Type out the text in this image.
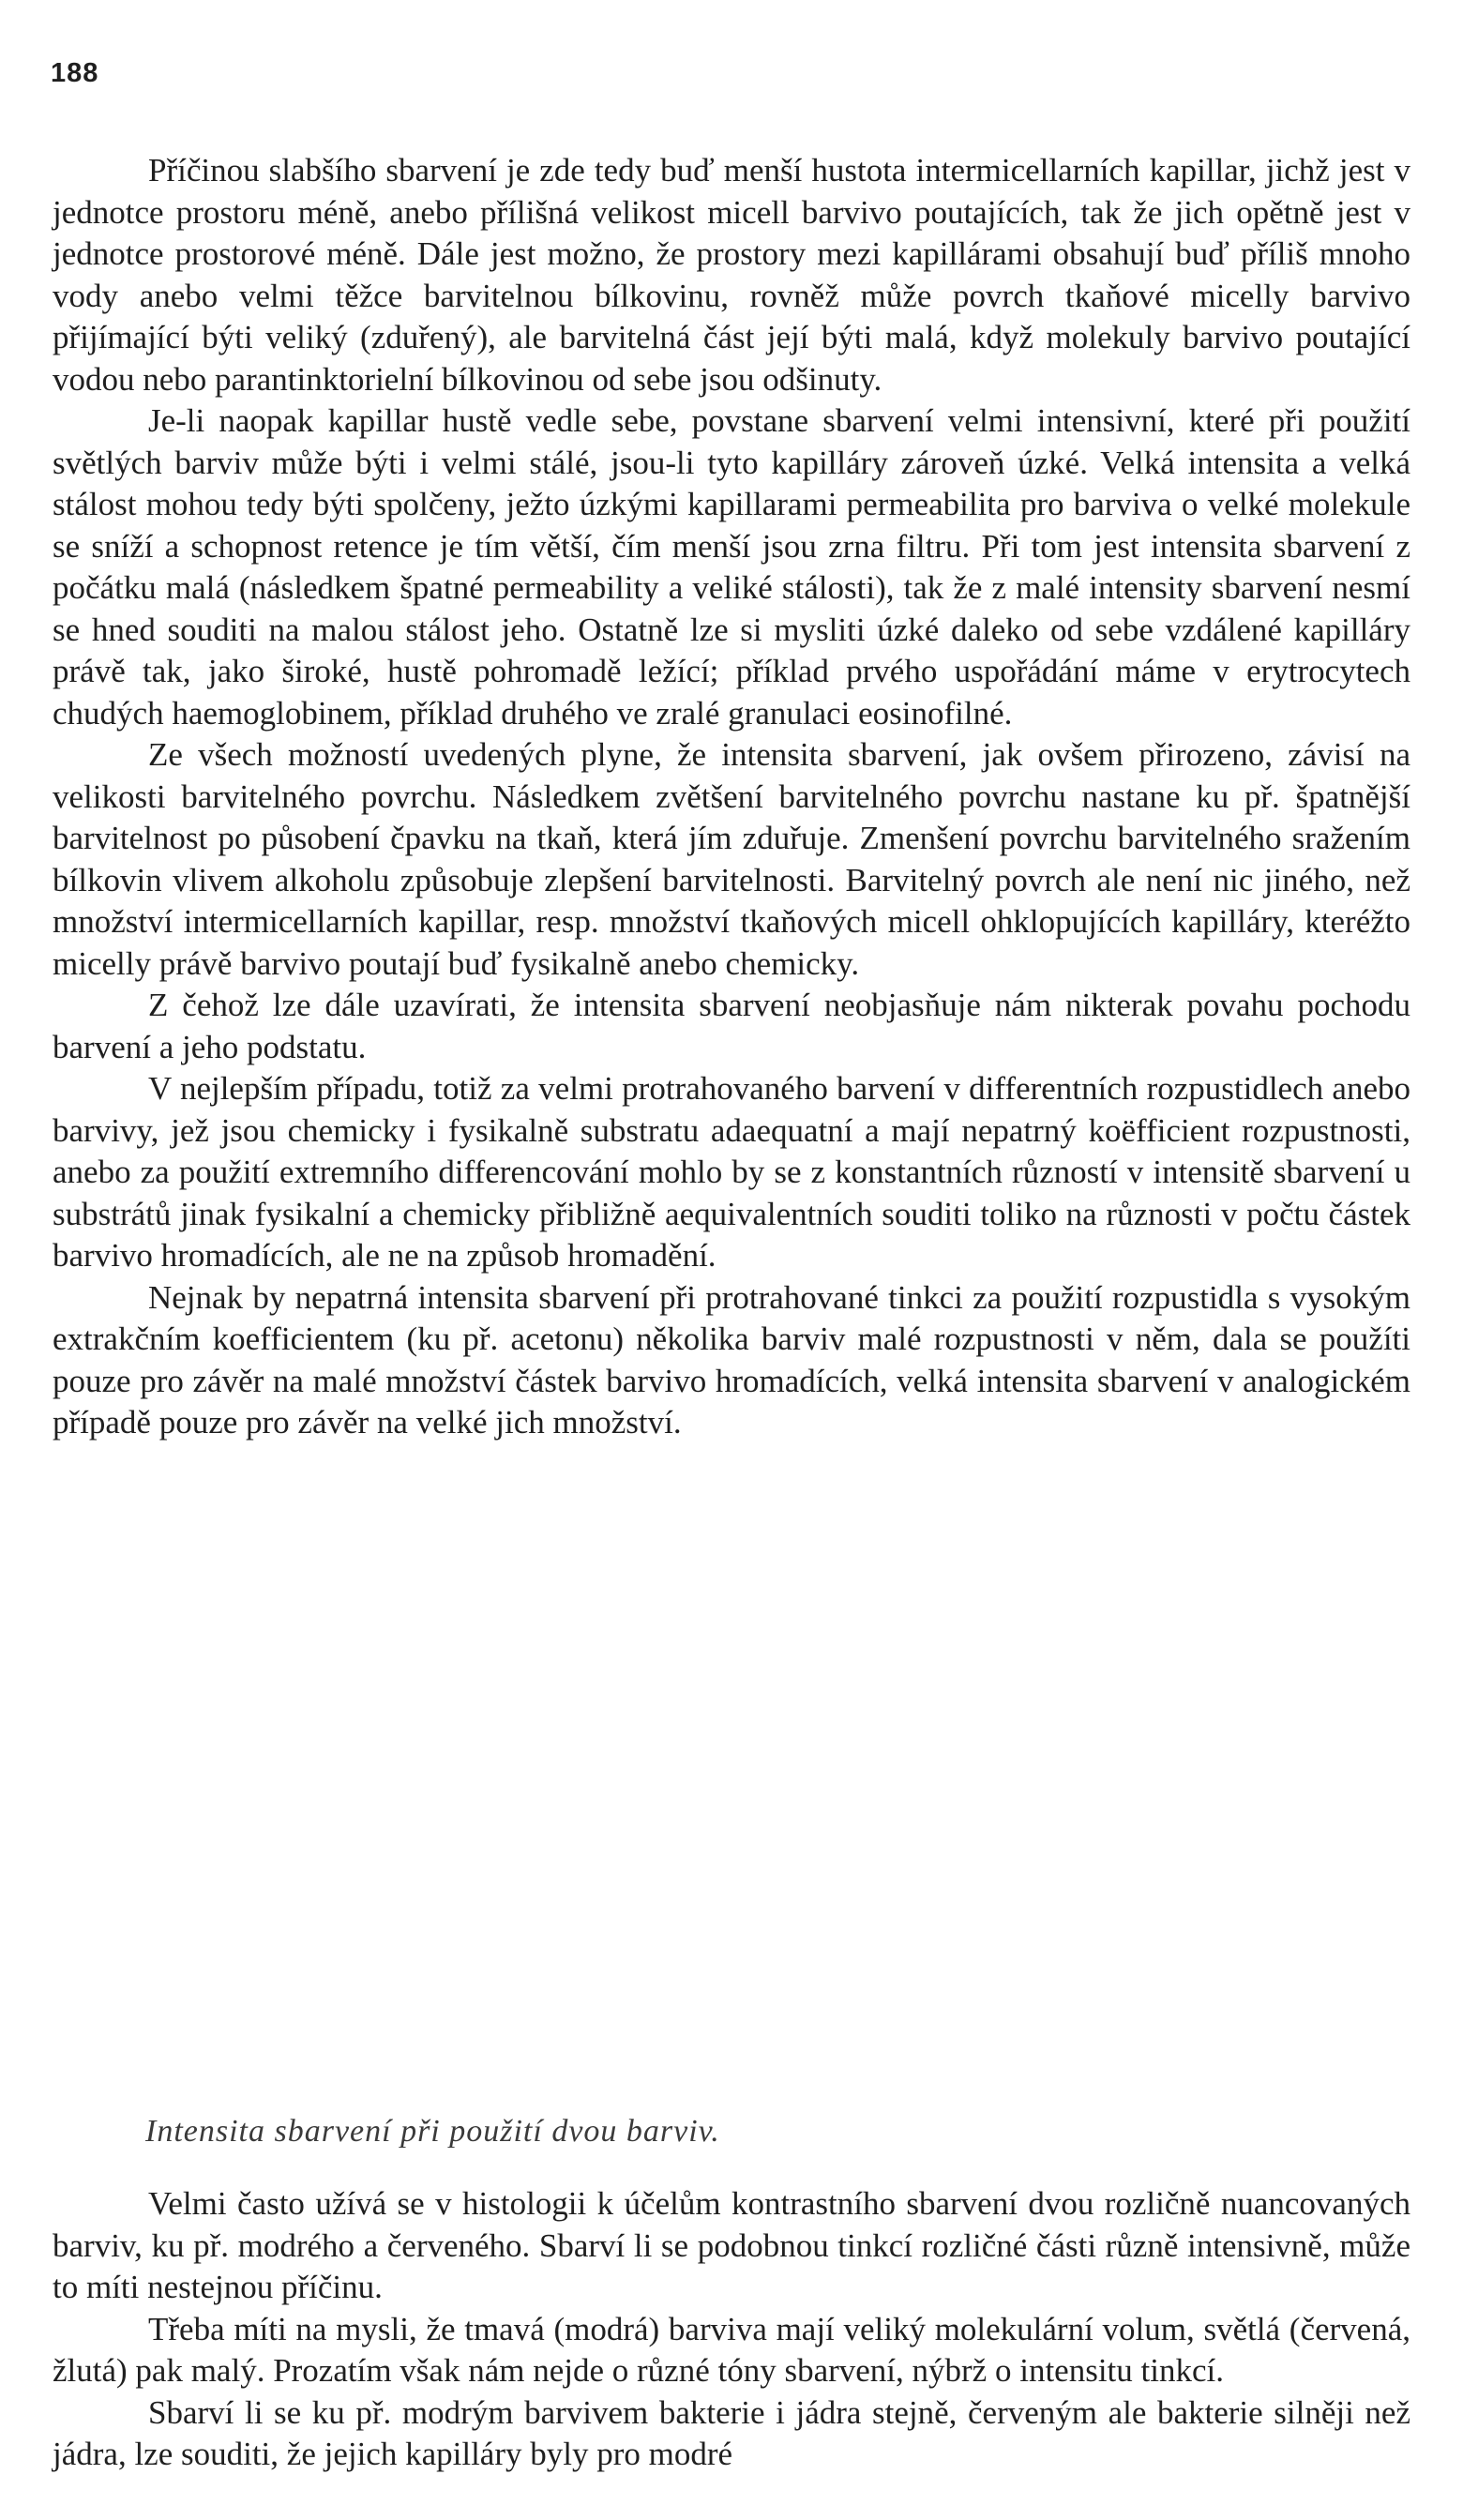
188

Příčinou slabšího sbarvení je zde tedy buď menší hustota intermicellarních kapillar, jichž jest v jednotce prostoru méně, anebo přílišná velikost micell barvivo poutajících, tak že jich opětně jest v jednotce prostorové méně. Dále jest možno, že prostory mezi kapillárami obsahují buď příliš mnoho vody anebo velmi těžce barvitelnou bílkovinu, rovněž může povrch tkaňové micelly barvivo přijímající býti veliký (zduřený), ale barvitelná část její býti malá, když molekuly barvivo poutající vodou nebo parantinktorielní bílkovinou od sebe jsou odšinuty.

Je-li naopak kapillar hustě vedle sebe, povstane sbarvení velmi intensivní, které při použití světlých barviv může býti i velmi stálé, jsou-li tyto kapilláry zároveň úzké. Velká intensita a velká stálost mohou tedy býti spolčeny, ježto úzkými kapillarami permeabilita pro barviva o velké molekule se sníží a schopnost retence je tím větší, čím menší jsou zrna filtru. Při tom jest intensita sbarvení z počátku malá (následkem špatné permeability a veliké stálosti), tak že z malé intensity sbarvení nesmí se hned souditi na malou stálost jeho. Ostatně lze si mysliti úzké daleko od sebe vzdálené kapilláry právě tak, jako široké, hustě pohromadě ležící; příklad prvého uspořádání máme v erytrocytech chudých haemoglobinem, příklad druhého ve zralé granulaci eosinofilné.

Ze všech možností uvedených plyne, že intensita sbarvení, jak ovšem přirozeno, závisí na velikosti barvitelného povrchu. Následkem zvětšení barvitelného povrchu nastane ku př. špatnější barvitelnost po působení čpavku na tkaň, která jím zduřuje. Zmenšení povrchu barvitelného sražením bílkovin vlivem alkoholu způsobuje zlepšení barvitelnosti. Barvitelný povrch ale není nic jiného, než množství intermicellarních kapillar, resp. množství tkaňových micell ohklopujících kapilláry, kteréžto micelly právě barvivo poutají buď fysikalně anebo chemicky.

Z čehož lze dále uzavírati, že intensita sbarvení neobjasňuje nám nikterak povahu pochodu barvení a jeho podstatu.

V nejlepším případu, totiž za velmi protrahovaného barvení v differentních rozpustidlech anebo barvivy, jež jsou chemicky i fysikalně substratu adaequatní a mají nepatrný koëfficient rozpustnosti, anebo za použití extremního differencování mohlo by se z konstantních růzností v intensitě sbarvení u substrátů jinak fysikalní a chemicky přibližně aequivalentních souditi toliko na různosti v počtu částek barvivo hromadících, ale ne na způsob hromadění.

Nejnak by nepatrná intensita sbarvení při protrahované tinkci za použití rozpustidla s vysokým extrakčním koefficientem (ku př. acetonu) několika barviv malé rozpustnosti v něm, dala se použíti pouze pro závěr na malé množství částek barvivo hromadících, velká intensita sbarvení v analogickém případě pouze pro závěr na velké jich množství.

Intensita sbarvení při použití dvou barviv.

Velmi často užívá se v histologii k účelům kontrastního sbarvení dvou rozličně nuancovaných barviv, ku př. modrého a červeného. Sbarví li se podobnou tinkcí rozličné části různě intensivně, může to míti nestejnou příčinu.

Třeba míti na mysli, že tmavá (modrá) barviva mají veliký molekulární volum, světlá (červená, žlutá) pak malý. Prozatím však nám nejde o různé tóny sbarvení, nýbrž o intensitu tinkcí.

Sbarví li se ku př. modrým barvivem bakterie i jádra stejně, červeným ale bakterie silněji než jádra, lze souditi, že jejich kapilláry byly pro modré
